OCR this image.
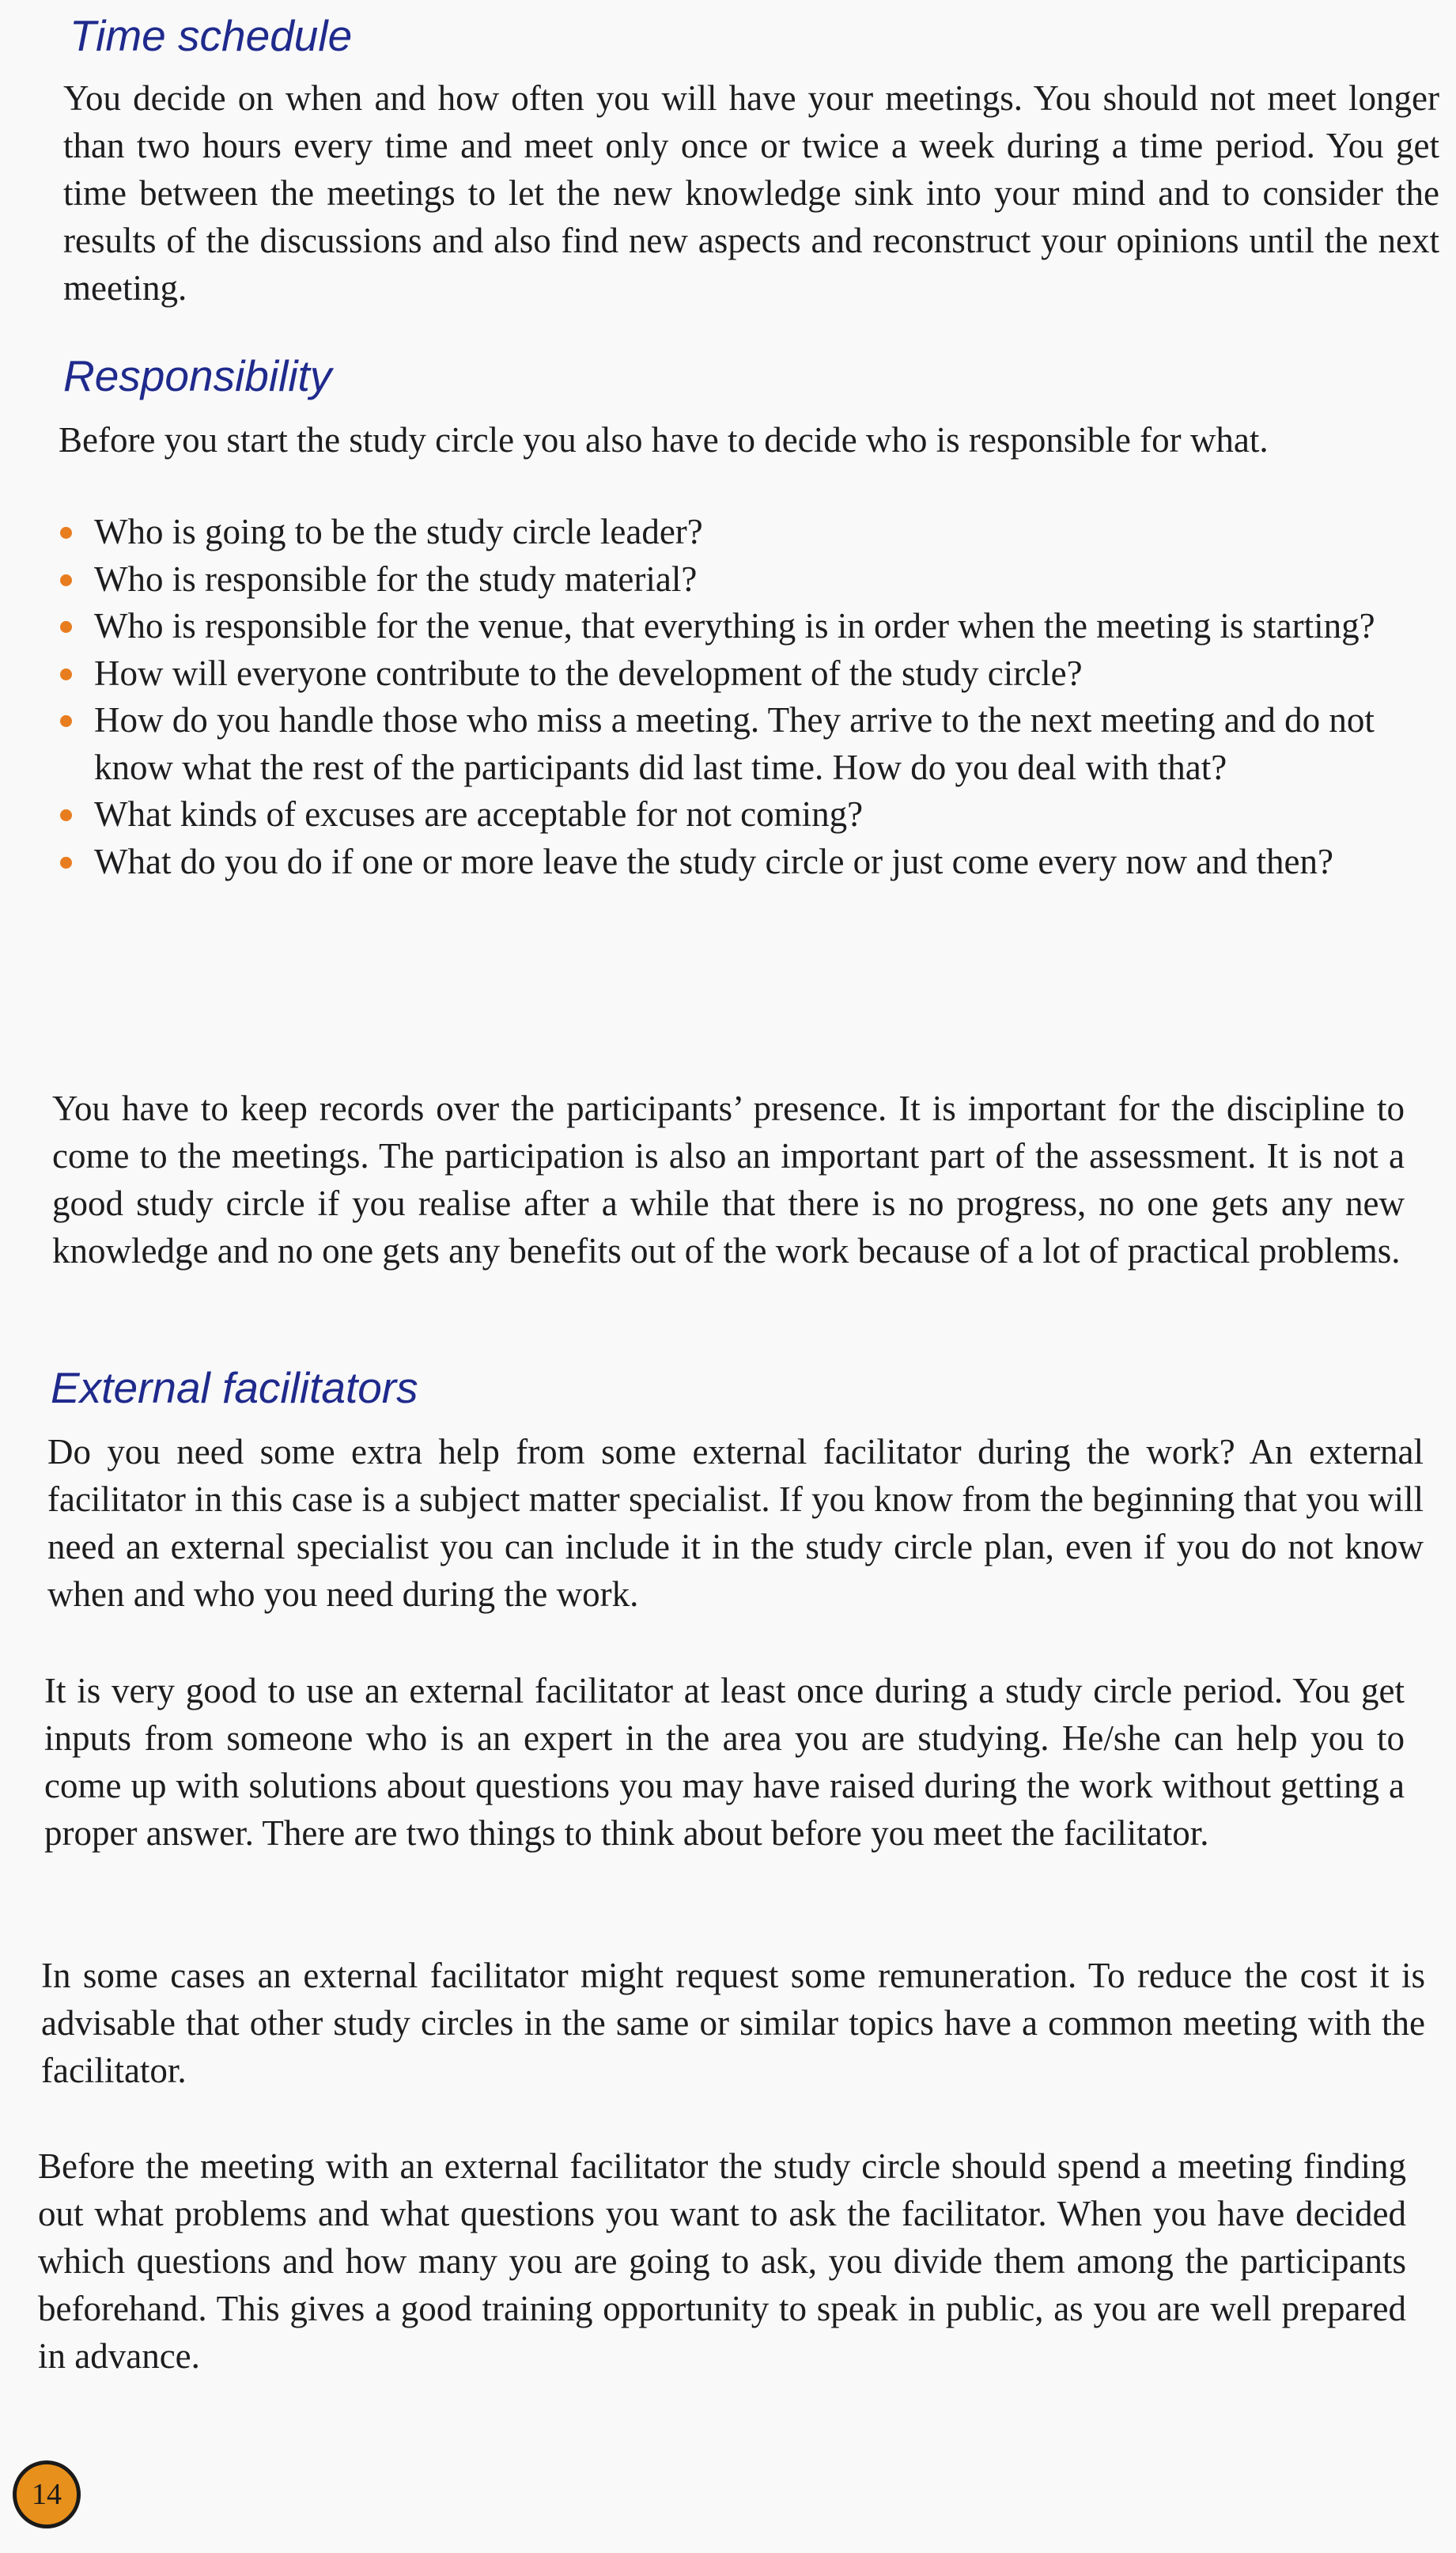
Time schedule

You decide on when and how often you will have your meetings. You should not meet longer than two hours every time and meet only once or twice a week during a time period. You get time between the meetings to let the new knowledge sink into your mind and to consider the results of the discussions and also find new aspects and reconstruct your opinions until the next meeting.

Responsibility

Before you start the study circle you also have to decide who is responsible for what.

Who is going to be the study circle leader?
Who is responsible for the study material?
Who is responsible for the venue, that everything is in order when the meeting is starting?
How will everyone contribute to the development of the study circle?
How do you handle those who miss a meeting. They arrive to the next meeting and do not know what the rest of the participants did last time. How do you deal with that?
What kinds of excuses are acceptable for not coming?
What do you do if one or more leave the study circle or just come every now and then?

You have to keep records over the participants’ presence. It is important for the discipline to come to the meetings. The participation is also an important part of the assessment. It is not a good study circle if you realise after a while that there is no progress, no one gets any new knowledge and no one gets any benefits out of the work because of a lot of practical problems.

External facilitators

Do you need some extra help from some external facilitator during the work? An external facilitator in this case is a subject matter specialist. If you know from the beginning that you will need an external specialist you can include it in the study circle plan, even if you do not know when and who you need during the work.

It is very good to use an external facilitator at least once during a study circle period. You get inputs from someone who is an expert in the area you are studying. He/she can help you to come up with solutions about questions you may have raised during the work without getting a proper answer. There are two things to think about before you meet the facilitator.

In some cases an external facilitator might request some remuneration. To reduce the cost it is advisable that other study circles in the same or similar topics have a common meeting with the facilitator.

Before the meeting with an external facilitator the study circle should spend a meeting finding out what problems and what questions you want to ask the facilitator. When you have decided which questions and how many you are going to ask, you divide them among the participants beforehand. This gives a good training opportunity to speak in public, as you are well prepared in advance.

14
